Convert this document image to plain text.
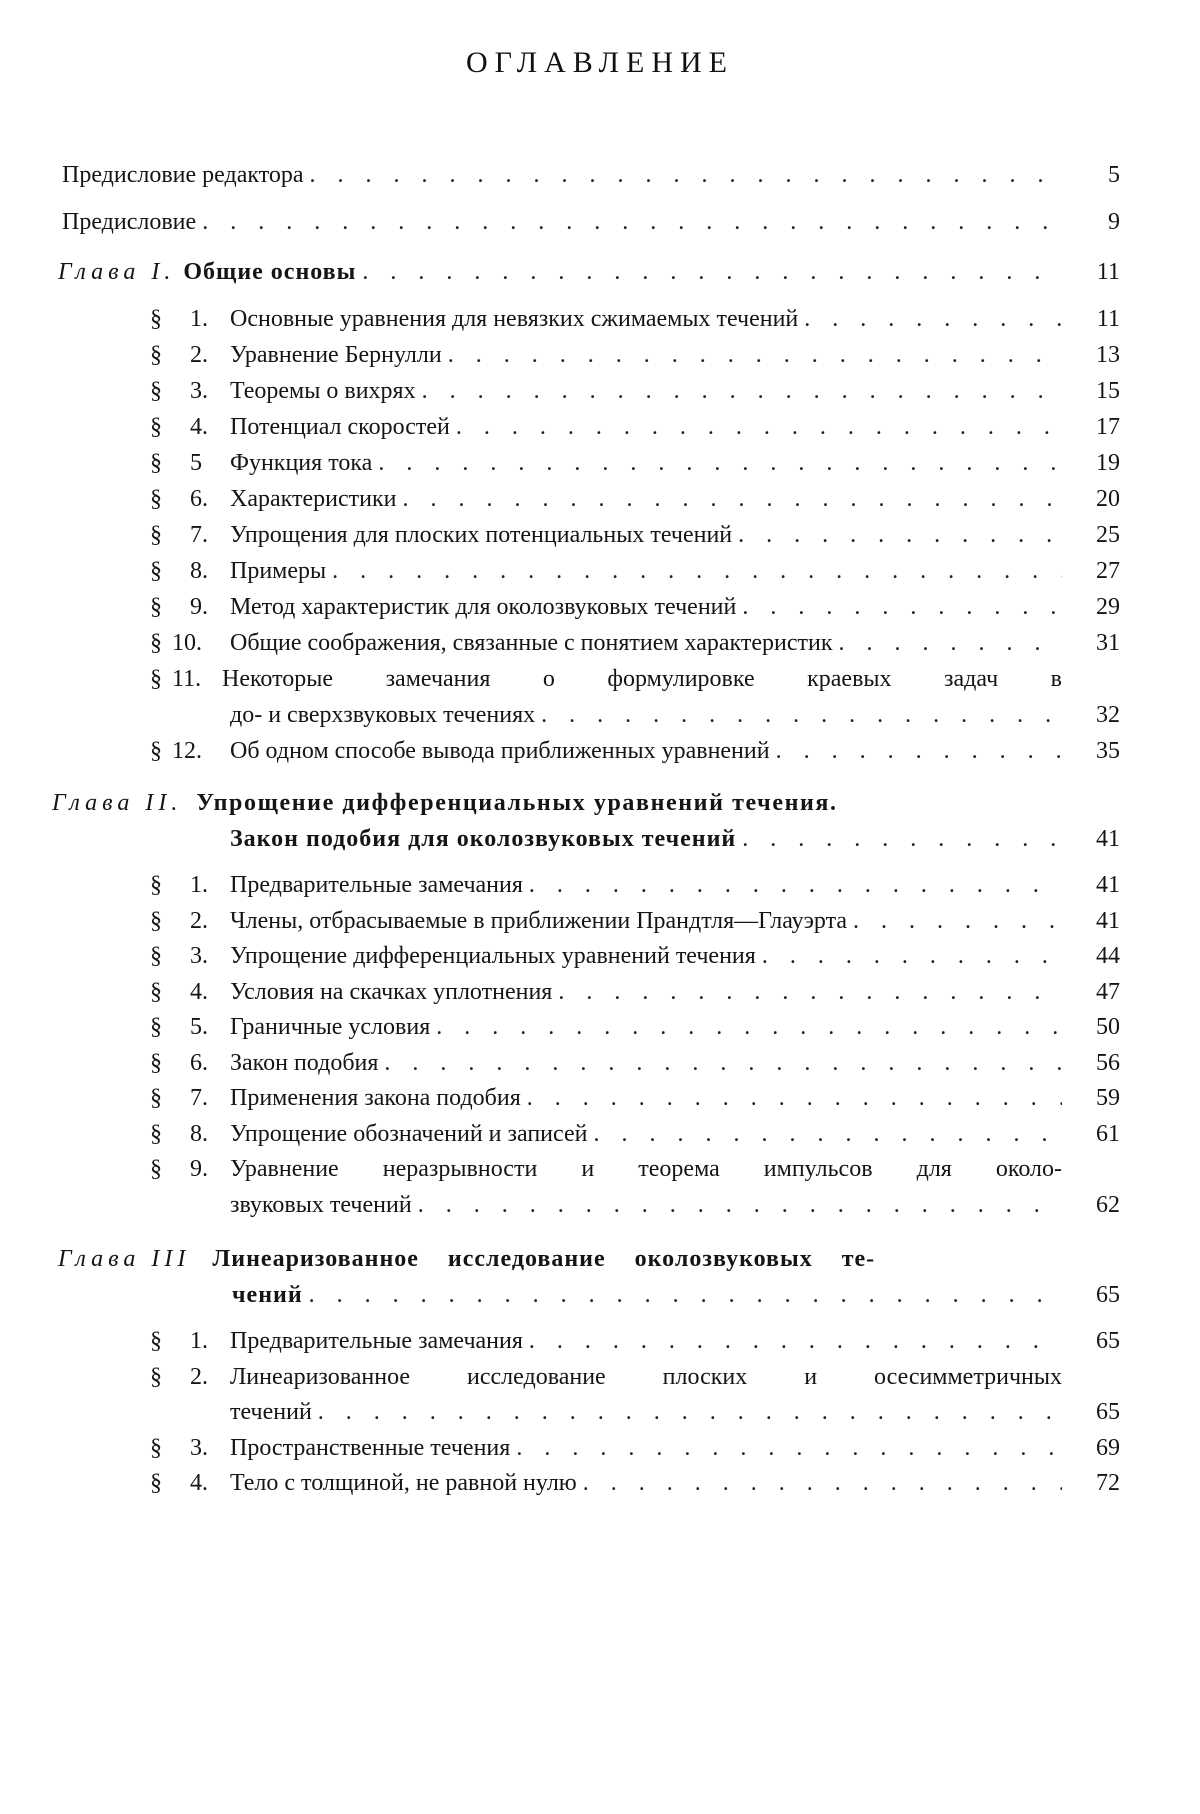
ОГЛАВЛЕНИЕ
Предисловие редактора . . .	5
Предисловие . . .	9
Глава I. Общие основы . . .	11
§ 1. Основные уравнения для невязких сжимаемых течений . . .	11
§ 2. Уравнение Бернулли . . .	13
§ 3. Теоремы о вихрях . . .	15
§ 4. Потенциал скоростей . . .	17
§ 5 Функция тока . . .	19
§ 6. Характеристики . . .	20
§ 7. Упрощения для плоских потенциальных течений . . .	25
§ 8. Примеры . . .	27
§ 9. Метод характеристик для околозвуковых течений . . .	29
§ 10. Общие соображения, связанные с понятием характеристик . . .	31
§ 11. Некоторые замечания о формулировке краевых задач в
до- и сверхзвуковых течениях . . .	32
§ 12. Об одном способе вывода приближенных уравнений . . .	35
Глава II. Упрощение дифференциальных уравнений течения.
Закон подобия для околозвуковых течений . . .	41
§ 1. Предварительные замечания . . .	41
§ 2. Члены, отбрасываемые в приближении Прандтля—Глауэрта . . .	41
§ 3. Упрощение дифференциальных уравнений течения . . .	44
§ 4. Условия на скачках уплотнения . . .	47
§ 5. Граничные условия . . .	50
§ 6. Закон подобия . . .	56
§ 7. Применения закона подобия . . .	59
§ 8. Упрощение обозначений и записей . . .	61
§ 9. Уравнение неразрывности и теорема импульсов для около-
звуковых течений . . .	62
Глава III Линеаризованное исследование околозвуковых те-
чений . . .	65
§ 1. Предварительные замечания . . .	65
§ 2. Линеаризованное исследование плоских и осесимметричных
течений . . .	65
§ 3. Пространственные течения . . .	69
§ 4. Тело с толщиной, не равной нулю . . .	72
